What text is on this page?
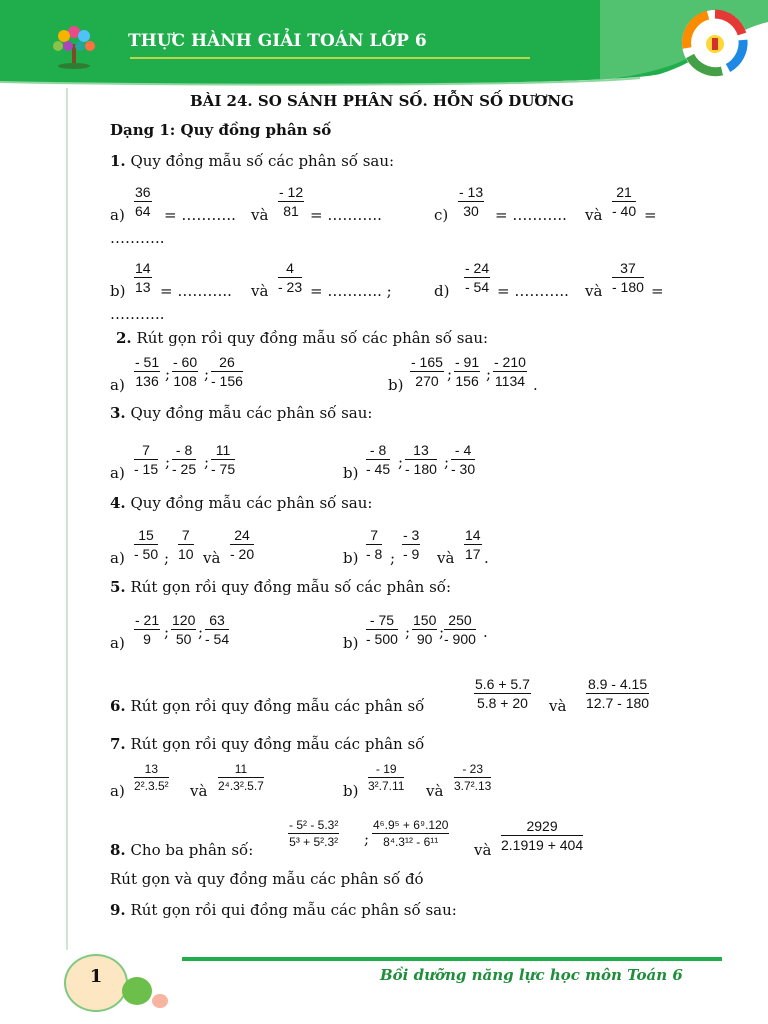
THỰC HÀNH GIẢI TOÁN LỚP 6
BÀI 24. SO SÁNH PHÂN SỐ. HỖN SỐ DƯƠNG
Dạng 1: Quy đồng phân số
1. Quy đồng mẫu số các phân số sau:
$a) \frac{36}{64}$ = ……….. và $\frac{- 12}{81}$ = ………..	$c) \frac{- 13}{30}$ = ……….. và $\frac{21}{- 40}$ =
………..
$b) \frac{14}{13}$ = ……….. và $\frac{4}{- 23}$ = ……….. ;	$d) \frac{- 24}{- 54}$ = ……….. và $\frac{37}{- 180}$ =
………..
2. Rút gọn rồi quy đồng mẫu số các phân số sau:
$a) \frac{- 51}{136}$ ; $\frac{- 60}{108}$ ; $\frac{26}{- 156}$	$b) \frac{- 165}{270}$ ; $\frac{- 91}{156}$ ; $\frac{- 210}{1134}$ .
3. Quy đồng mẫu các phân số sau:
$a) \frac{7}{- 15}$ ; $\frac{- 8}{- 25}$ ; $\frac{11}{- 75}$	$b) \frac{- 8}{- 45}$ ; $\frac{13}{- 180}$ ; $\frac{- 4}{- 30}$
4. Quy đồng mẫu các phân số sau:
$a) \frac{15}{- 50}$ ; $\frac{7}{10}$ và $\frac{24}{- 20}$	$b) \frac{7}{- 8}$ ; $\frac{- 3}{- 9}$ và $\frac{14}{17}$ .
5. Rút gọn rồi quy đồng mẫu số các phân số:
$a) \frac{- 21}{9}$ ; $\frac{120}{50}$ ; $\frac{63}{- 54}$	$b) \frac{- 75}{- 500}$ ; $\frac{150}{90}$ ; $\frac{250}{- 900}$ .
6. Rút gọn rồi quy đồng mẫu các phân số	$\frac{5.6 + 5.7}{5.8 + 20}$ và $\frac{8.9 - 4.15}{12.7 - 180}$
7. Rút gọn rồi quy đồng mẫu các phân số
$a) \frac{13}{\text{2².3.5²}}$ và $\frac{11}{\text{2⁴.3².5.7}}$	$b) \frac{- 19}{\text{3².7.11}}$ và $\frac{- 23}{\text{3.7².13}}$
8. Cho ba phân số:
$\frac{\text{- 5² - 5.3²}}{\text{5³ + 5².3²}}$ ; $\frac{\text{4⁶.9⁵ + 6⁹.120}}{\text{8⁴.3¹² - 6¹¹}}$
và $\frac{2929}{2.1919 + 404}$
Rút gọn và quy đồng mẫu các phân số đó
9. Rút gọn rồi qui đồng mẫu các phân số sau:
1	Bồi dưỡng năng lực học môn Toán 6
